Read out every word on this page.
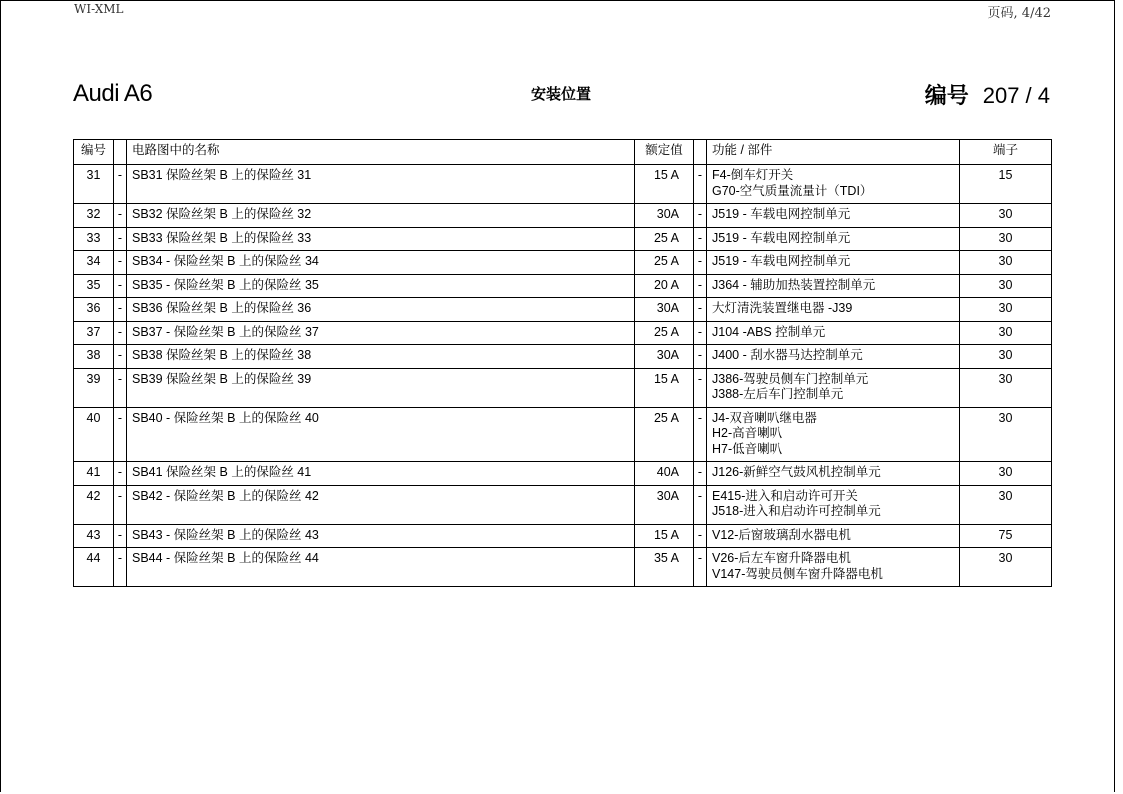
WI-XML	页码, 4/42
Audi A6	安装位置	编号 207 / 4
编号		电路图中的名称	额定值		功能 / 部件	端子
31	-	SB31 保险丝架 B 上的保险丝 31	15 A	-	F4-倒车灯开关
G70-空气质量流量计（TDI）	15
32	-	SB32 保险丝架 B 上的保险丝 32	30A	-	J519 - 车载电网控制单元	30
33	-	SB33 保险丝架 B 上的保险丝 33	25 A	-	J519 - 车载电网控制单元	30
34	-	SB34 - 保险丝架 B 上的保险丝 34	25 A	-	J519 - 车载电网控制单元	30
35	-	SB35 - 保险丝架 B 上的保险丝 35	20 A	-	J364 - 辅助加热装置控制单元	30
36	-	SB36 保险丝架 B 上的保险丝 36	30A	-	大灯清洗装置继电器 -J39	30
37	-	SB37 - 保险丝架 B 上的保险丝 37	25 A	-	J104 -ABS 控制单元	30
38	-	SB38 保险丝架 B 上的保险丝 38	30A	-	J400 - 刮水器马达控制单元	30
39	-	SB39 保险丝架 B 上的保险丝 39	15 A	-	J386-驾驶员侧车门控制单元
J388-左后车门控制单元	30
40	-	SB40 - 保险丝架 B 上的保险丝 40	25 A	-	J4-双音喇叭继电器
H2-高音喇叭
H7-低音喇叭	30
41	-	SB41 保险丝架 B 上的保险丝 41	40A	-	J126-新鲜空气鼓风机控制单元	30
42	-	SB42 - 保险丝架 B 上的保险丝 42	30A	-	E415-进入和启动许可开关
J518-进入和启动许可控制单元	30
43	-	SB43 - 保险丝架 B 上的保险丝 43	15 A	-	V12-后窗玻璃刮水器电机	75
44	-	SB44 - 保险丝架 B 上的保险丝 44	35 A	-	V26-后左车窗升降器电机
V147-驾驶员侧车窗升降器电机	30
